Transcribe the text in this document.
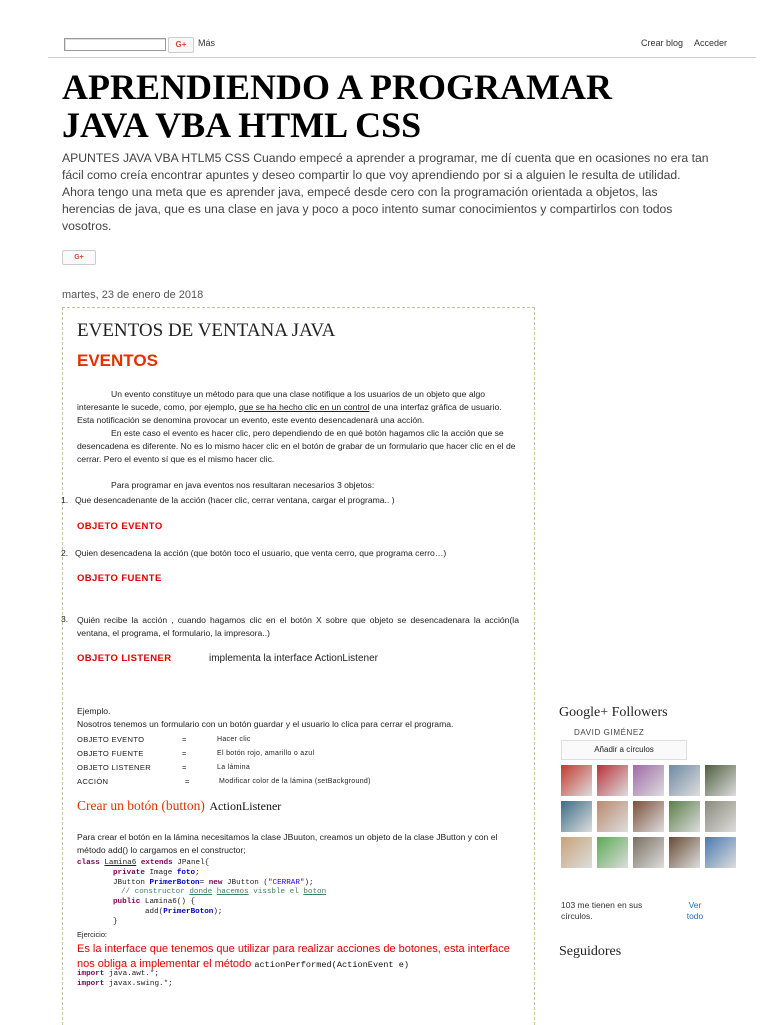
G+	Más	Crear blog Acceder
APRENDIENDO A PROGRAMAR
JAVA VBA HTML CSS
APUNTES JAVA VBA HTLM5 CSS Cuando empecé a aprender a programar, me dí cuenta que en ocasiones no era tan fácil como creía encontrar apuntes y deseo compartir lo que voy aprendiendo por si a alguien le resulta de utilidad. Ahora tengo una meta que es aprender java, empecé desde cero con la programación orientada a objetos, las herencias de java, que es una clase en java y poco a poco intento sumar conocimientos y compartirlos con todos vosotros.
G+
martes, 23 de enero de 2018
EVENTOS DE VENTANA JAVA
EVENTOS

Un evento constituye un método para que una clase notifique a los usuarios de un objeto que algo interesante le sucede, como, por ejemplo, que se ha hecho clic en un control de una interfaz gráfica de usuario. Esta notificación se denomina provocar un evento, este evento desencadenará una acción.

En este caso el evento es hacer clic, pero dependiendo de en qué botón hagamos clic la acción que se desencadena es diferente. No es lo mismo hacer clic en el botón de grabar de un formulario que hacer clic en el de cerrar. Pero el evento sí que es el mismo hacer clic.

Para programar en java eventos nos resultaran necesarios 3 objetos:

1. Que desencadenante de la acción (hacer clic, cerrar ventana, cargar el programa.. )
OBJETO EVENTO
2. Quien desencadena la acción (que botón toco el usuario, que venta cerro, que programa cerro…)
OBJETO FUENTE
3. Quién recibe la acción , cuando hagamos clic en el botón X sobre que objeto se desencadenara la acción(la ventana, el programa, el formulario, la impresora..)
OBJETO LISTENER	implementa la interface ActionListener
Ejemplo.
Nosotros tenemos un formulario con un botón guardar y el usuario lo clica para cerrar el programa.
OBJETO EVENTO	=	Hacer clic
OBJETO FUENTE	=	El botón rojo, amarillo o azul
OBJETO LISTENER	=	La lámina
ACCIÓN	=	Modificar color de la lámina (setBackground)
Crear un botón (button) ActionListener
Para crear el botón en la lámina necesitamos la clase JBuuton, creamos un objeto de la clase JButton y con el método add() lo cargamos en el constructor;
class Lamina6 extends JPanel{
private Image foto;
JButton PrimerBoton= new JButton ("CERRAR");
// constructor donde hacemos vissble el boton
public Lamina6() {
add(PrimerBoton);
}
Ejercicio:
Es la interface que tenemos que utilizar para realizar acciones de botones, esta interface nos obliga a implementar el método actionPerformed(ActionEvent e)
import java.awt.*;
import javax.swing.*;
Google+ Followers
DAVID GIMÉNEZ
Añadir a círculos
103 me tienen en sus círculos.
Ver todo
Seguidores
